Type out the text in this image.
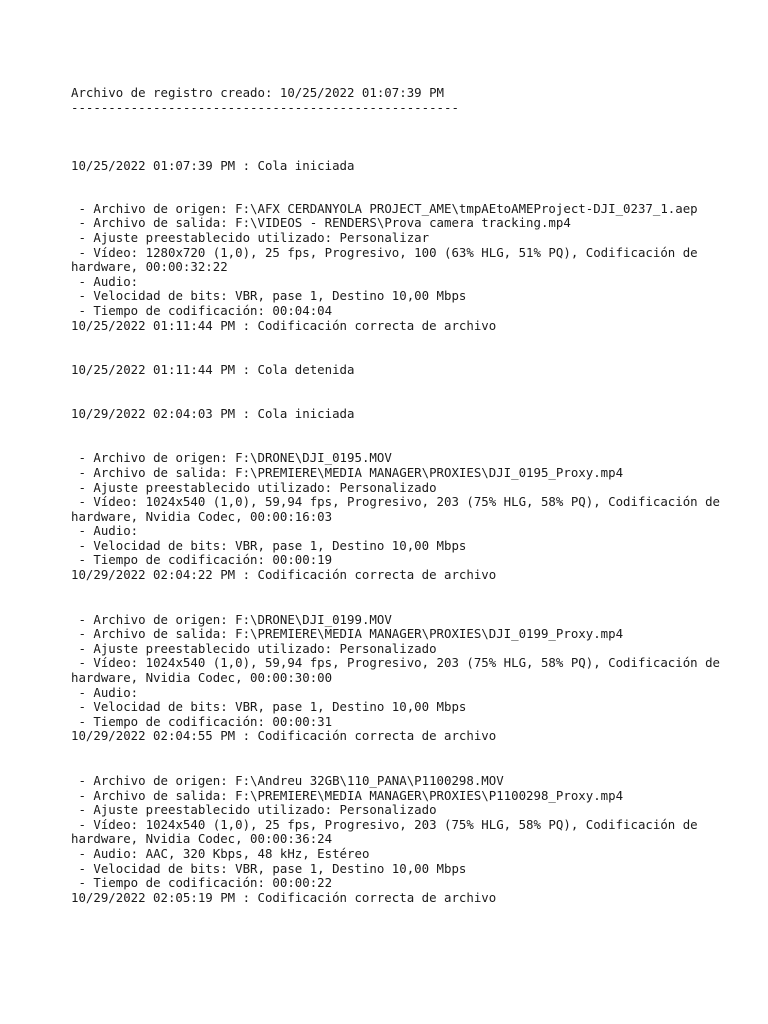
Archivo de registro creado: 10/25/2022 01:07:39 PM
----------------------------------------------------
10/25/2022 01:07:39 PM : Cola iniciada
- Archivo de origen: F:\AFX CERDANYOLA PROJECT_AME\tmpAEtoAMEProject-DJI_0237_1.aep
- Archivo de salida: F:\VIDEOS - RENDERS\Prova camera tracking.mp4
- Ajuste preestablecido utilizado: Personalizar
- Vídeo: 1280x720 (1,0), 25 fps, Progresivo, 100 (63% HLG, 51% PQ), Codificación de hardware, 00:00:32:22
- Audio:
- Velocidad de bits: VBR, pase 1, Destino 10,00 Mbps
- Tiempo de codificación: 00:04:04
10/25/2022 01:11:44 PM : Codificación correcta de archivo
10/25/2022 01:11:44 PM : Cola detenida
10/29/2022 02:04:03 PM : Cola iniciada
- Archivo de origen: F:\DRONE\DJI_0195.MOV
- Archivo de salida: F:\PREMIERE\MEDIA MANAGER\PROXIES\DJI_0195_Proxy.mp4
- Ajuste preestablecido utilizado: Personalizado
- Vídeo: 1024x540 (1,0), 59,94 fps, Progresivo, 203 (75% HLG, 58% PQ), Codificación de hardware, Nvidia Codec, 00:00:16:03
- Audio:
- Velocidad de bits: VBR, pase 1, Destino 10,00 Mbps
- Tiempo de codificación: 00:00:19
10/29/2022 02:04:22 PM : Codificación correcta de archivo
- Archivo de origen: F:\DRONE\DJI_0199.MOV
- Archivo de salida: F:\PREMIERE\MEDIA MANAGER\PROXIES\DJI_0199_Proxy.mp4
- Ajuste preestablecido utilizado: Personalizado
- Vídeo: 1024x540 (1,0), 59,94 fps, Progresivo, 203 (75% HLG, 58% PQ), Codificación de hardware, Nvidia Codec, 00:00:30:00
- Audio:
- Velocidad de bits: VBR, pase 1, Destino 10,00 Mbps
- Tiempo de codificación: 00:00:31
10/29/2022 02:04:55 PM : Codificación correcta de archivo
- Archivo de origen: F:\Andreu 32GB\110_PANA\P1100298.MOV
- Archivo de salida: F:\PREMIERE\MEDIA MANAGER\PROXIES\P1100298_Proxy.mp4
- Ajuste preestablecido utilizado: Personalizado
- Vídeo: 1024x540 (1,0), 25 fps, Progresivo, 203 (75% HLG, 58% PQ), Codificación de hardware, Nvidia Codec, 00:00:36:24
- Audio: AAC, 320 Kbps, 48 kHz, Estéreo
- Velocidad de bits: VBR, pase 1, Destino 10,00 Mbps
- Tiempo de codificación: 00:00:22
10/29/2022 02:05:19 PM : Codificación correcta de archivo
